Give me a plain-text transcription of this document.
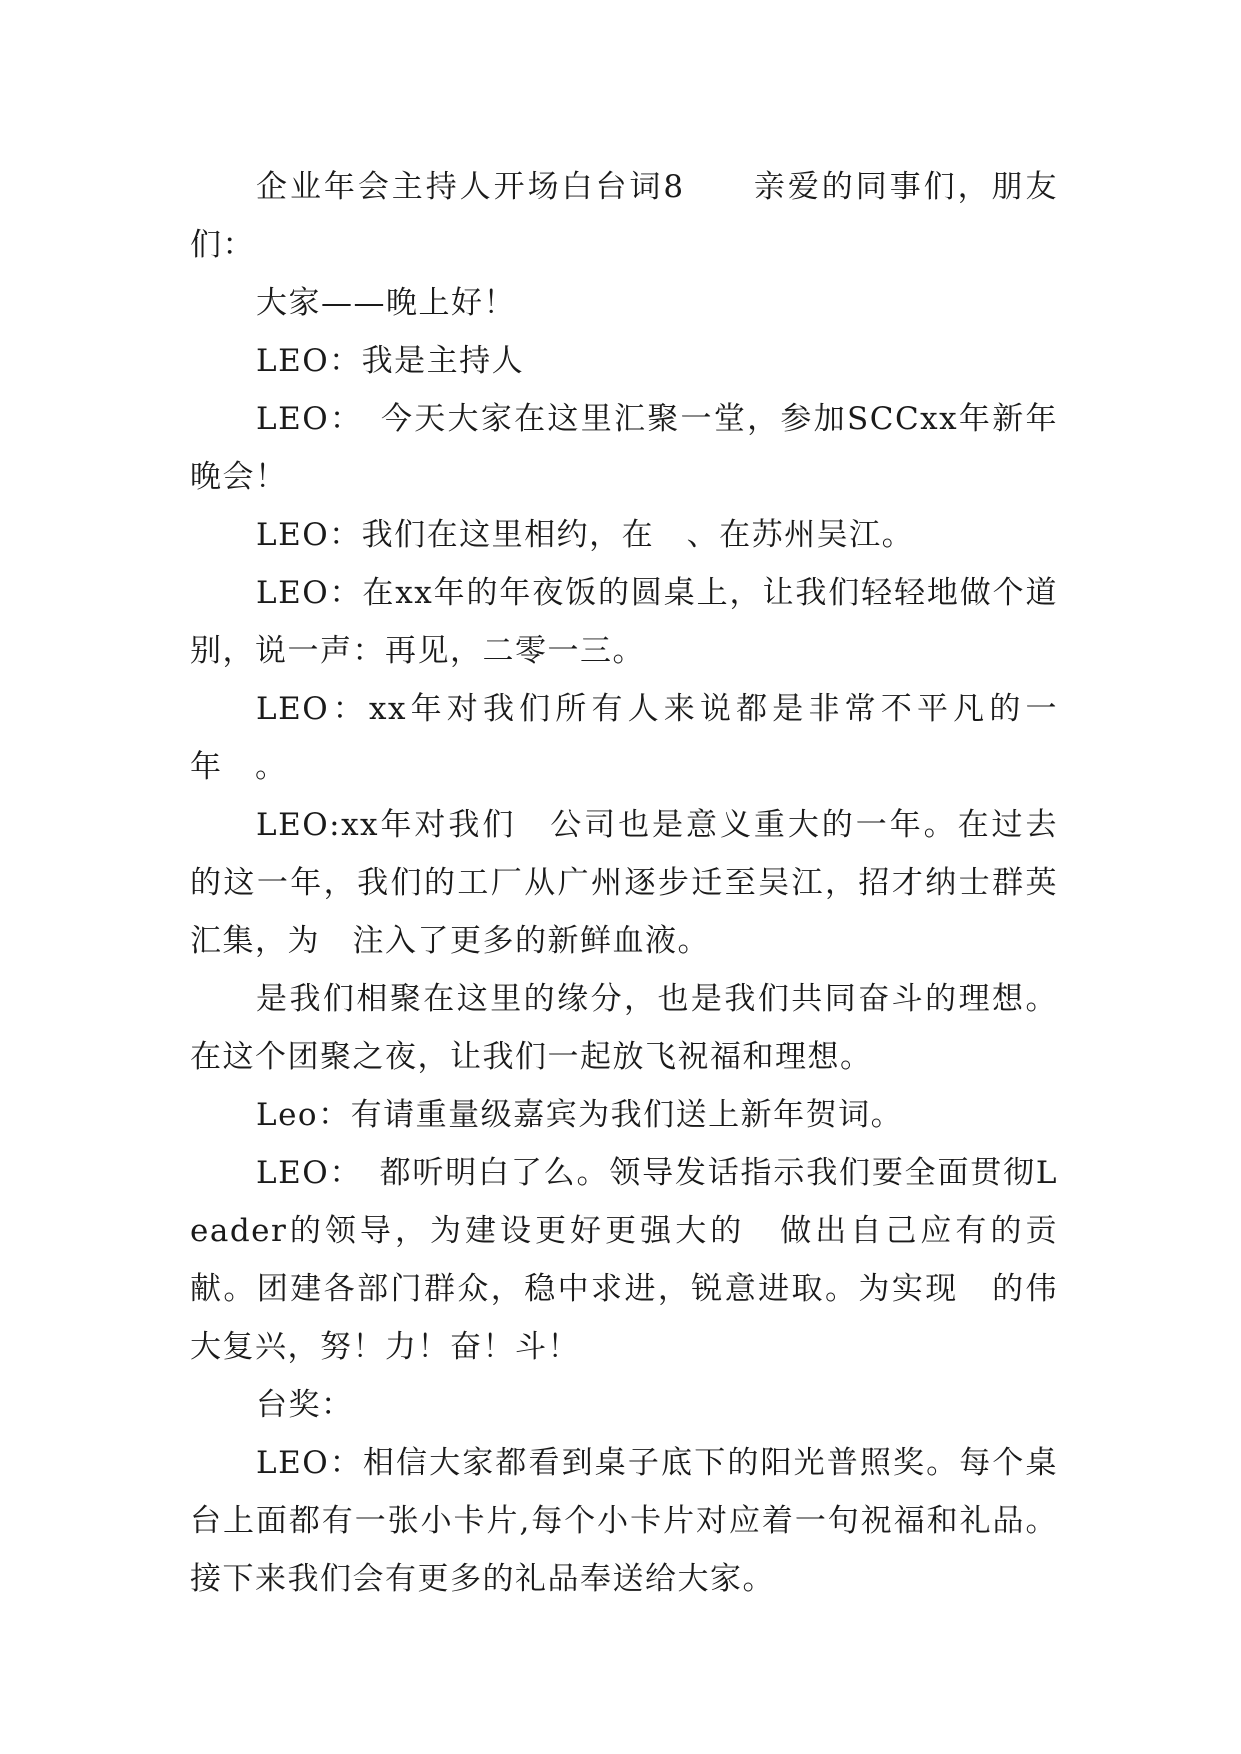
企业年会主持人开场白台词8　　亲爱的同事们，朋友们：

大家——晚上好！

LEO：我是主持人

LEO：　今天大家在这里汇聚一堂，参加SCCxx年新年晚会！

LEO：我们在这里相约，在　、在苏州吴江。

LEO：在xx年的年夜饭的圆桌上，让我们轻轻地做个道别，说一声：再见，二零一三。

LEO：xx年对我们所有人来说都是非常不平凡的一年　。

LEO:xx年对我们　公司也是意义重大的一年。在过去的这一年，我们的工厂从广州逐步迁至吴江，招才纳士群英汇集，为　注入了更多的新鲜血液。

是我们相聚在这里的缘分，也是我们共同奋斗的理想。在这个团聚之夜，让我们一起放飞祝福和理想。

Leo：有请重量级嘉宾为我们送上新年贺词。

LEO：　都听明白了么。领导发话指示我们要全面贯彻Leader的领导，为建设更好更强大的　做出自己应有的贡献。团建各部门群众，稳中求进，锐意进取。为实现　的伟大复兴，努！力！奋！斗！

台奖：

LEO：相信大家都看到桌子底下的阳光普照奖。每个桌台上面都有一张小卡片,每个小卡片对应着一句祝福和礼品。接下来我们会有更多的礼品奉送给大家。
